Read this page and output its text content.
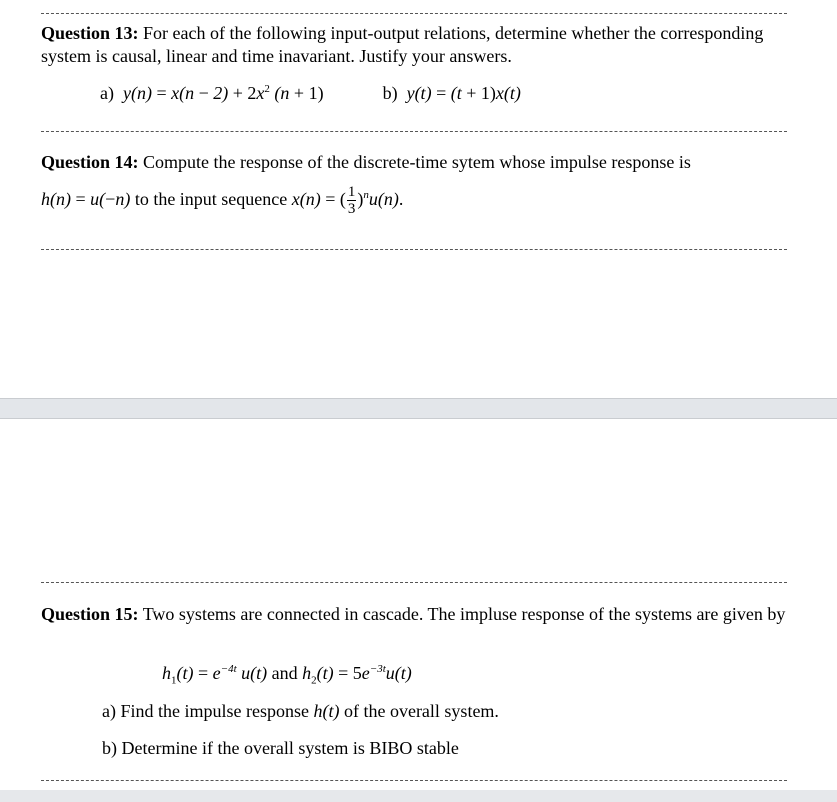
Question 13: For each of the following input-output relations, determine whether the corresponding system is causal, linear and time inavariant. Justify your answers.
a)  $y(n) = x(n - 2) + 2x^2$ (n + 1)	b)  y(t) = (t + 1)x(t)
Question 14: Compute the response of the discrete-time sytem whose impulse response is
h(n) = u(−n) to the input sequence x(n) = ( $\frac{1}{3} )^nu(n)$.
Question 15: Two systems are connected in cascade. The impluse response of the systems are given by
$h_1(t) = e^{-4t}$ u(t) and $h_2(t) = 5e^{-3t}u(t)$
a) Find the impulse response h(t) of the overall system.
b) Determine if the overall system is BIBO stable
